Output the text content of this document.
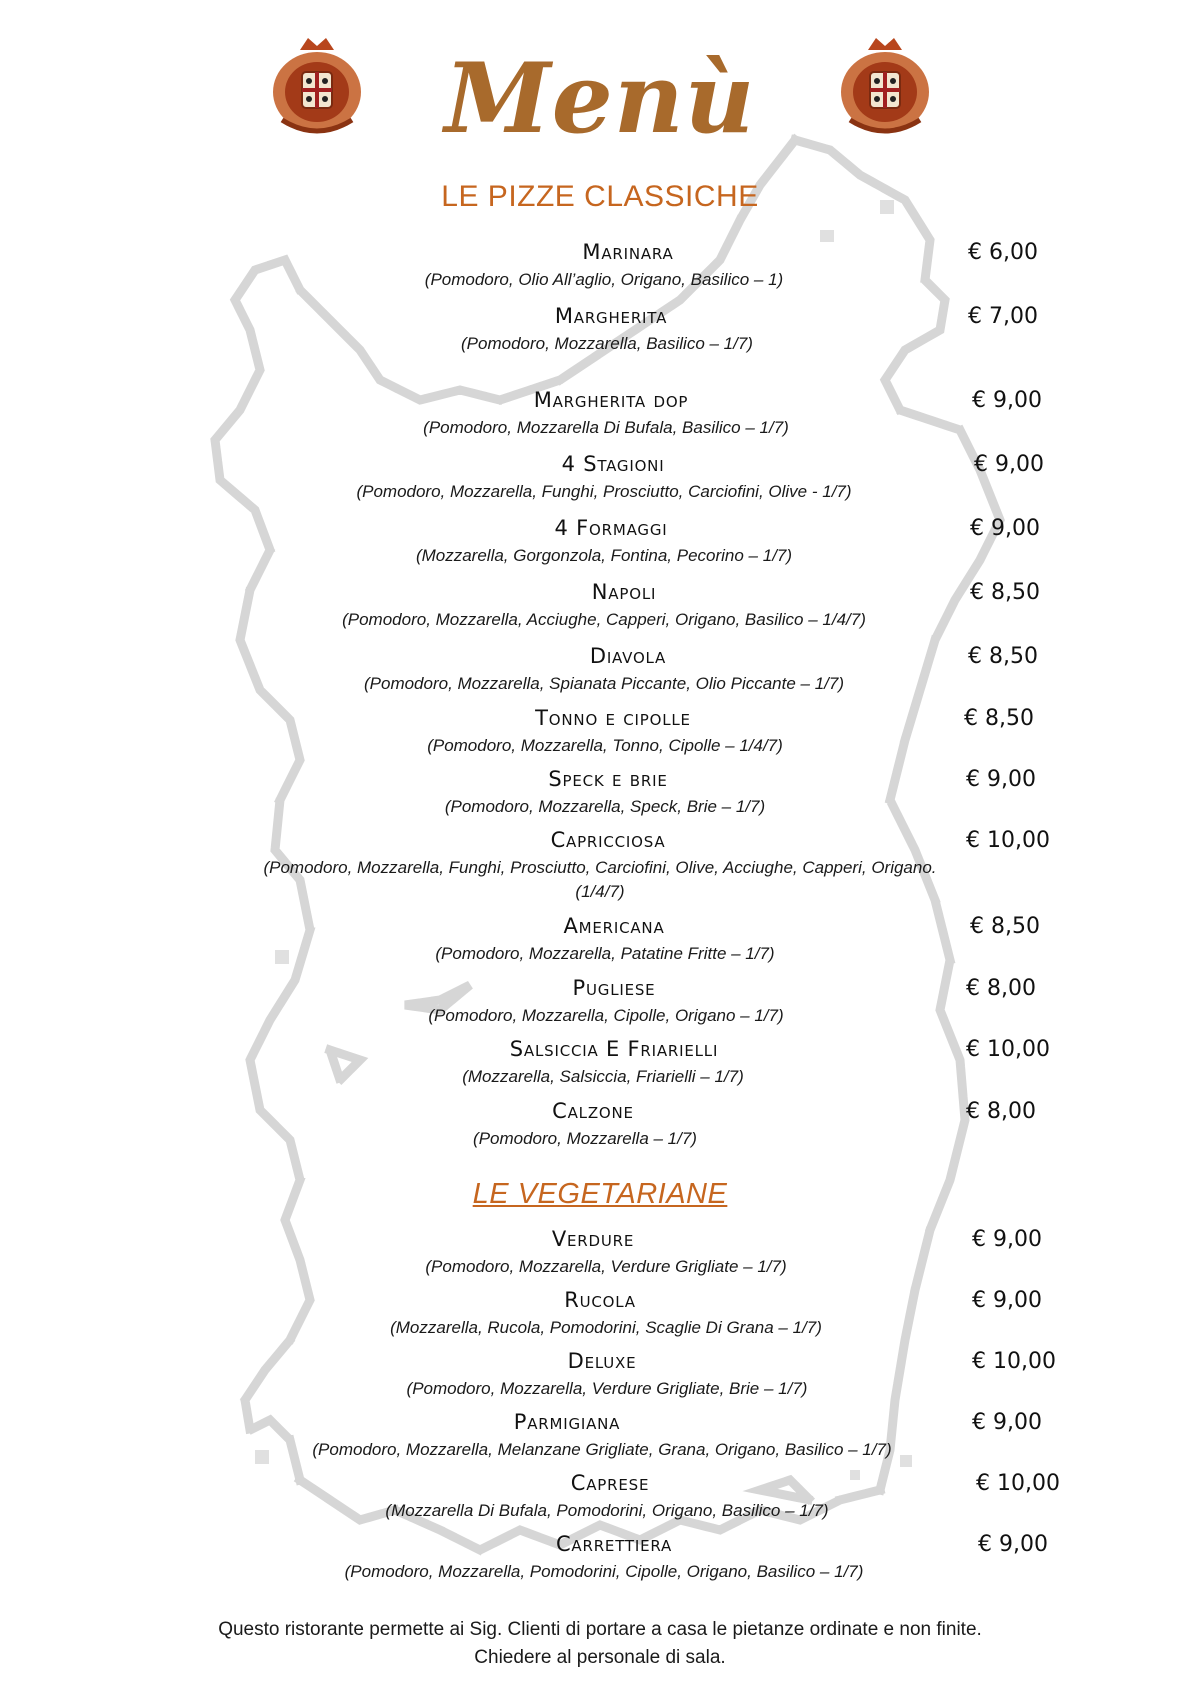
Menù
LE PIZZE CLASSICHE
LE VEGETARIANE
Marinara
(Pomodoro, Olio All’aglio, Origano, Basilico – 1)
€ 6,00
Margherita
(Pomodoro, Mozzarella, Basilico – 1/7)
€ 7,00
Margherita dop
(Pomodoro, Mozzarella Di Bufala, Basilico – 1/7)
€ 9,00
4 Stagioni
(Pomodoro, Mozzarella, Funghi, Prosciutto, Carciofini, Olive - 1/7)
€ 9,00
4 Formaggi
(Mozzarella, Gorgonzola, Fontina, Pecorino – 1/7)
€ 9,00
Napoli
(Pomodoro, Mozzarella, Acciughe, Capperi, Origano, Basilico – 1/4/7)
€ 8,50
Diavola
(Pomodoro, Mozzarella, Spianata Piccante, Olio Piccante – 1/7)
€ 8,50
Tonno e cipolle
(Pomodoro, Mozzarella, Tonno, Cipolle – 1/4/7)
€ 8,50
Speck e brie
(Pomodoro, Mozzarella, Speck, Brie – 1/7)
€ 9,00
Capricciosa
(Pomodoro, Mozzarella, Funghi, Prosciutto, Carciofini, Olive, Acciughe, Capperi, Origano.
(1/4/7)
€ 10,00
Americana
(Pomodoro, Mozzarella, Patatine Fritte – 1/7)
€ 8,50
Pugliese
(Pomodoro, Mozzarella, Cipolle, Origano – 1/7)
€ 8,00
Salsiccia E Friarielli
(Mozzarella, Salsiccia, Friarielli – 1/7)
€ 10,00
Calzone
(Pomodoro, Mozzarella – 1/7)
€ 8,00
Verdure
(Pomodoro, Mozzarella, Verdure Grigliate – 1/7)
€ 9,00
Rucola
(Mozzarella, Rucola, Pomodorini, Scaglie Di Grana – 1/7)
€ 9,00
Deluxe
(Pomodoro, Mozzarella, Verdure Grigliate, Brie – 1/7)
€ 10,00
Parmigiana
(Pomodoro, Mozzarella, Melanzane Grigliate, Grana, Origano, Basilico – 1/7)
€ 9,00
Caprese
(Mozzarella Di Bufala, Pomodorini, Origano, Basilico – 1/7)
€ 10,00
Carrettiera
(Pomodoro, Mozzarella, Pomodorini, Cipolle, Origano, Basilico – 1/7)
€ 9,00
Questo ristorante permette ai Sig. Clienti di portare a casa le pietanze ordinate e non finite.
Chiedere al personale di sala.
